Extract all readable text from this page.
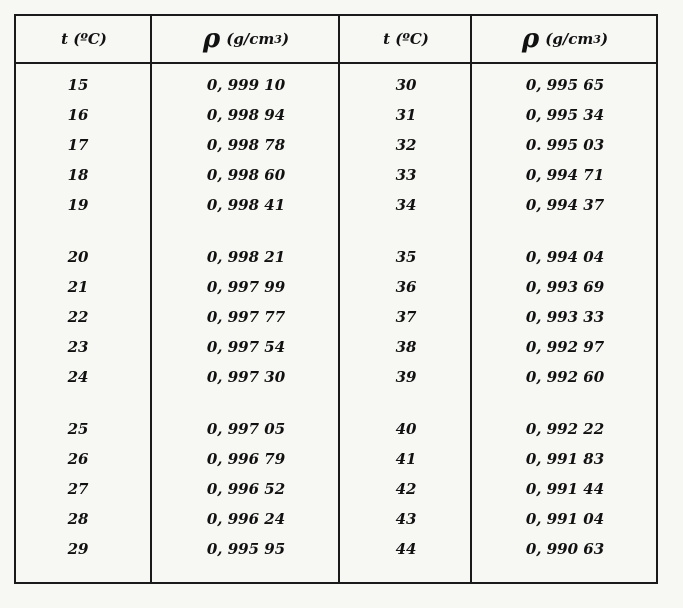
t (ºC)	ρ (g/cm 3 )	t (ºC)	ρ (g/cm 3 )
15	0, 999 10	30	0, 995 65
16	0, 998 94	31	0, 995 34
17	0, 998 78	32	0. 995 03
18	0, 998 60	33	0, 994 71
19	0, 998 41	34	0, 994 37
20	0, 998 21	35	0, 994 04
21	0, 997 99	36	0, 993 69
22	0, 997 77	37	0, 993 33
23	0, 997 54	38	0, 992 97
24	0, 997 30	39	0, 992 60
25	0, 997 05	40	0, 992 22
26	0, 996 79	41	0, 991 83
27	0, 996 52	42	0, 991 44
28	0, 996 24	43	0, 991 04
29	0, 995 95	44	0, 990 63
